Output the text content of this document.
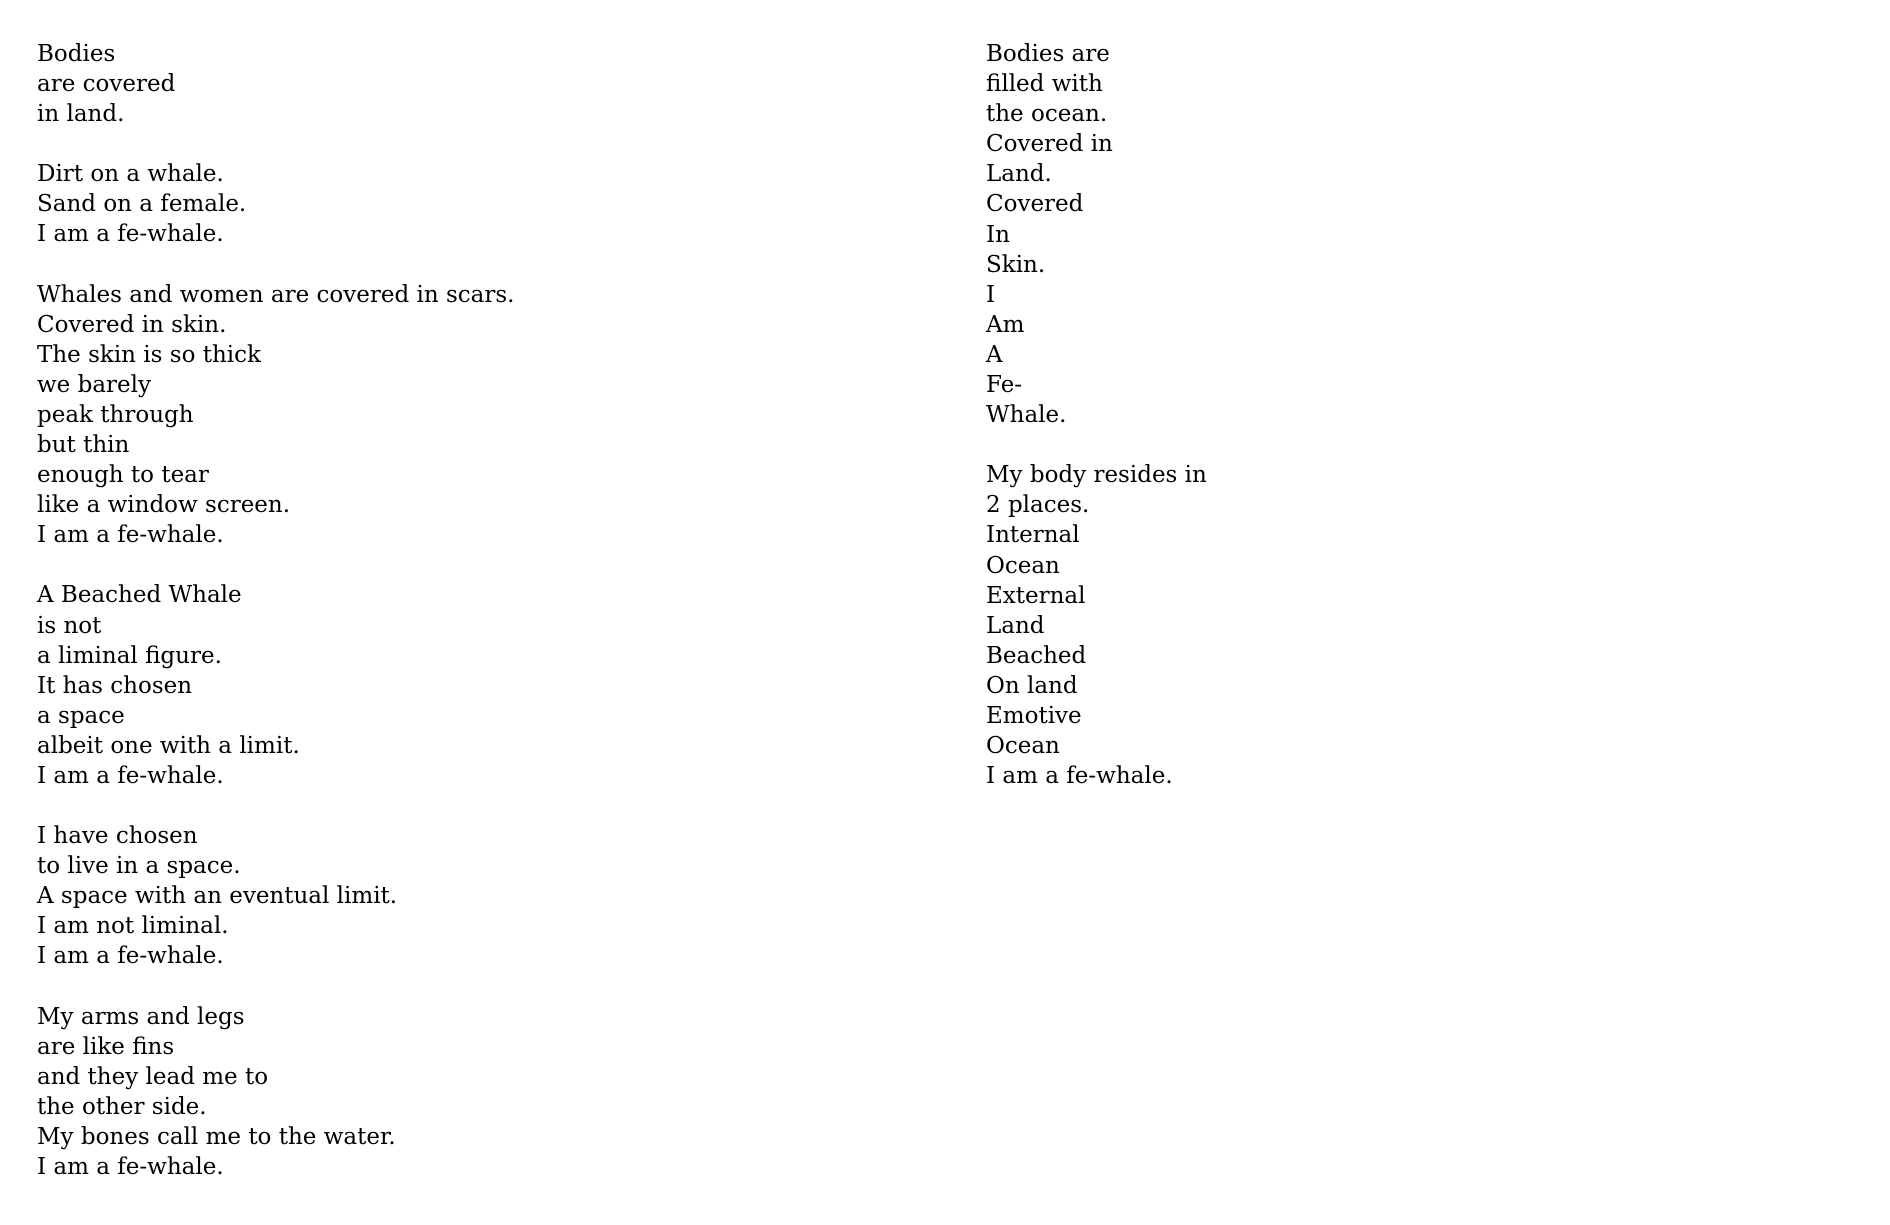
Bodies
are covered
in land.
Dirt on a whale.
Sand on a female.
I am a fe-whale.
Whales and women are covered in scars.
Covered in skin.
The skin is so thick
we barely
peak through
but thin
enough to tear
like a window screen.
I am a fe-whale.
A Beached Whale
is not
a liminal figure.
It has chosen
a space
albeit one with a limit.
I am a fe-whale.
I have chosen
to live in a space.
A space with an eventual limit.
I am not liminal.
I am a fe-whale.
My arms and legs
are like fins
and they lead me to
the other side.
My bones call me to the water.
I am a fe-whale.
Bodies are
filled with
the ocean.
Covered in
Land.
Covered
In
Skin.
I
Am
A
Fe-
Whale.
My body resides in
2 places.
Internal
Ocean
External
Land
Beached
On land
Emotive
Ocean
I am a fe-whale.
